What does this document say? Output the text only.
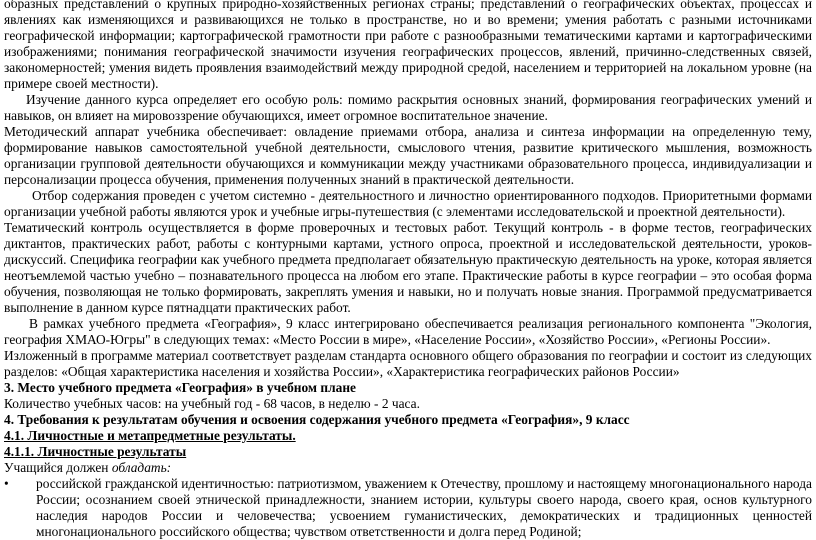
образных представлений о крупных природно-хозяйственных регионах страны; представлений о географических объектах, процессах и явлениях как изменяющихся и развивающихся не только в пространстве, но и во времени; умения работать с разными источниками географической информации; картографической грамотности при работе с разнообразными тематическими картами и картографическими изображениями; понимания географической значимости изучения географических процессов, явлений, причинно-следственных связей, закономерностей; умения видеть проявления взаимодействий между природной средой, населением и территорией на локальном уровне (на примере своей местности).

Изучение данного курса определяет его особую роль: помимо раскрытия основных знаний, формирования географических умений и навыков, он влияет на мировоззрение обучающихся, имеет огромное воспитательное значение.

Методический аппарат учебника обеспечивает: овладение приемами отбора, анализа и синтеза информации на определенную тему, формирование навыков самостоятельной учебной деятельности, смыслового чтения, развитие критического мышления, возможность организации групповой деятельности обучающихся и коммуникации между участниками образовательного процесса, индивидуализации и персонализации процесса обучения, применения полученных знаний в практической деятельности.

Отбор содержания проведен с учетом системно - деятельностного и личностно ориентированного подходов. Приоритетными формами организации учебной работы являются урок и учебные игры-путешествия (с элементами исследовательской и проектной деятельности).

Тематический контроль осуществляется в форме проверочных и тестовых работ. Текущий контроль - в форме тестов, географических диктантов, практических работ, работы с контурными картами, устного опроса, проектной и исследовательской деятельности, уроков-дискуссий. Специфика географии как учебного предмета предполагает обязательную практическую деятельность на уроке, которая является неотъемлемой частью учебно – познавательного процесса на любом его этапе. Практические работы в курсе географии – это особая форма обучения, позволяющая не только формировать, закреплять умения и навыки, но и получать новые знания. Программой предусматривается выполнение в данном курсе пятнадцати практических работ.

В рамках учебного предмета «География», 9 класс интегрировано обеспечивается реализация регионального компонента "Экология, география ХМАО-Югры" в следующих темах: «Место России в мире», «Население России», «Хозяйство России», «Регионы России».

Изложенный в программе материал соответствует разделам стандарта основного общего образования по географии и состоит из следующих разделов: «Общая характеристика населения и хозяйства России», «Характеристика географических районов России»

3. Место учебного предмета «География» в учебном плане

Количество учебных часов: на учебный год - 68 часов, в неделю - 2 часа.

4. Требования к результатам обучения и освоения содержания учебного предмета «География», 9 класс

4.1. Личностные и метапредметные результаты.

4.1.1. Личностные результаты

Учащийся должен обладать:

•	российской гражданской идентичностью: патриотизмом, уважением к Отечеству, прошлому и настоящему многонационального народа России; осознанием своей этнической принадлежности, знанием истории, культуры своего народа, своего края, основ культурного наследия народов России и человечества; усвоением гуманистических, демократических и традиционных ценностей многонационального российского общества; чувством ответственности и долга перед Родиной;
